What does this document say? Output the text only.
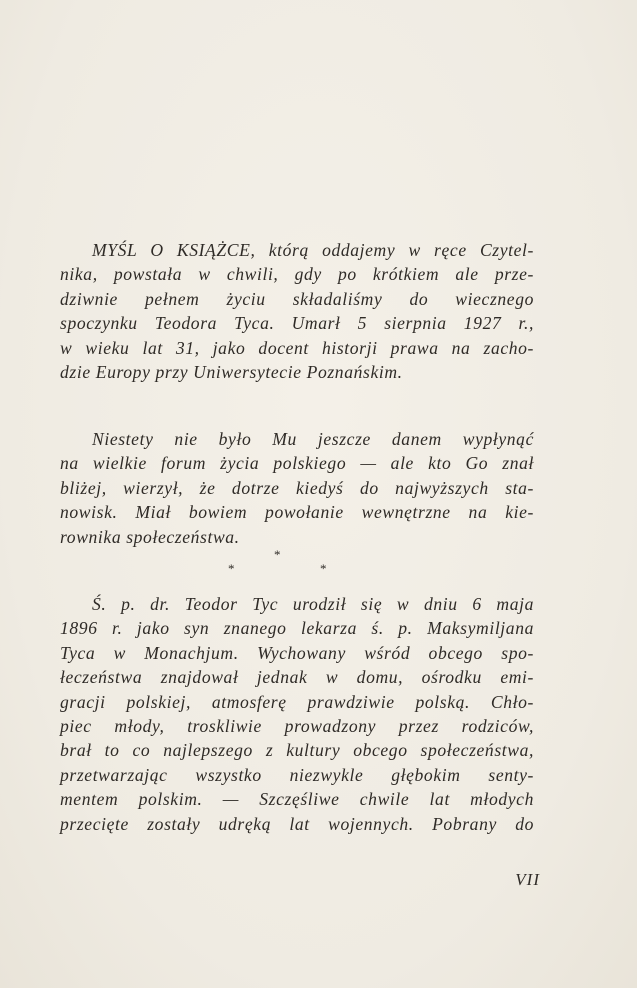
MYŚL O KSIĄŻCE, którą oddajemy w ręce Czytel-
nika, powstała w chwili, gdy po krótkiem ale prze-
dziwnie pełnem życiu składaliśmy do wiecznego
spoczynku Teodora Tyca. Umarł 5 sierpnia 1927 r.,
w wieku lat 31, jako docent historji prawa na zacho-
dzie Europy przy Uniwersytecie Poznańskim.
Niestety nie było Mu jeszcze danem wypłynąć
na wielkie forum życia polskiego — ale kto Go znał
bliżej, wierzył, że dotrze kiedyś do najwyższych sta-
nowisk. Miał bowiem powołanie wewnętrzne na kie-
rownika społeczeństwa.
*
*	*
Ś. p. dr. Teodor Tyc urodził się w dniu 6 maja
1896 r. jako syn znanego lekarza ś. p. Maksymiljana
Tyca w Monachjum. Wychowany wśród obcego spo-
łeczeństwa znajdował jednak w domu, ośrodku emi-
gracji polskiej, atmosferę prawdziwie polską. Chło-
piec młody, troskliwie prowadzony przez rodziców,
brał to co najlepszego z kultury obcego społeczeństwa,
przetwarzając wszystko niezwykle głębokim senty-
mentem polskim. — Szczęśliwe chwile lat młodych
przecięte zostały udręką lat wojennych. Pobrany do
VII
